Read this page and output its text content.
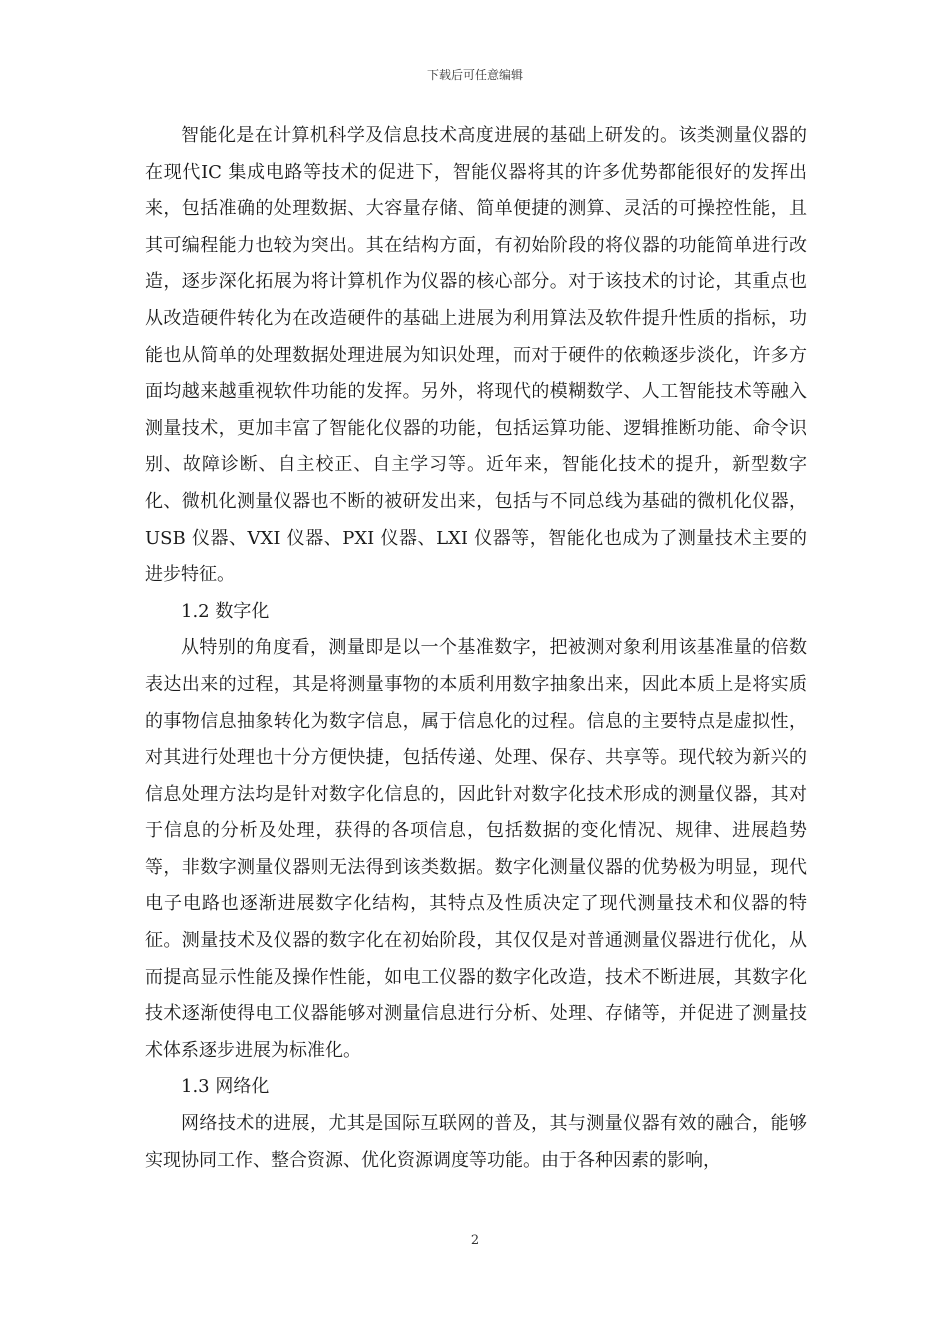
下载后可任意编辑

智能化是在计算机科学及信息技术高度进展的基础上研发的。该类测量仪器的在现代IC 集成电路等技术的促进下，智能仪器将其的许多优势都能很好的发挥出来，包括准确的处理数据、大容量存储、简单便捷的测算、灵活的可操控性能，且其可编程能力也较为突出。其在结构方面，有初始阶段的将仪器的功能简单进行改造，逐步深化拓展为将计算机作为仪器的核心部分。对于该技术的讨论，其重点也从改造硬件转化为在改造硬件的基础上进展为利用算法及软件提升性质的指标，功能也从简单的处理数据处理进展为知识处理，而对于硬件的依赖逐步淡化，许多方面均越来越重视软件功能的发挥。另外，将现代的模糊数学、人工智能技术等融入测量技术，更加丰富了智能化仪器的功能，包括运算功能、逻辑推断功能、命令识别、故障诊断、自主校正、自主学习等。近年来，智能化技术的提升，新型数字化、微机化测量仪器也不断的被研发出来，包括与不同总线为基础的微机化仪器，USB 仪器、VXI 仪器、PXI 仪器、LXI 仪器等，智能化也成为了测量技术主要的进步特征。

1.2 数字化

从特别的角度看，测量即是以一个基准数字，把被测对象利用该基准量的倍数表达出来的过程，其是将测量事物的本质利用数字抽象出来，因此本质上是将实质的事物信息抽象转化为数字信息，属于信息化的过程。信息的主要特点是虚拟性，对其进行处理也十分方便快捷，包括传递、处理、保存、共享等。现代较为新兴的信息处理方法均是针对数字化信息的，因此针对数字化技术形成的测量仪器，其对于信息的分析及处理，获得的各项信息，包括数据的变化情况、规律、进展趋势等，非数字测量仪器则无法得到该类数据。数字化测量仪器的优势极为明显，现代电子电路也逐渐进展数字化结构，其特点及性质决定了现代测量技术和仪器的特征。测量技术及仪器的数字化在初始阶段，其仅仅是对普通测量仪器进行优化，从而提高显示性能及操作性能，如电工仪器的数字化改造，技术不断进展，其数字化技术逐渐使得电工仪器能够对测量信息进行分析、处理、存储等，并促进了测量技术体系逐步进展为标准化。

1.3 网络化

网络技术的进展，尤其是国际互联网的普及，其与测量仪器有效的融合，能够实现协同工作、整合资源、优化资源调度等功能。由于各种因素的影响，

2
